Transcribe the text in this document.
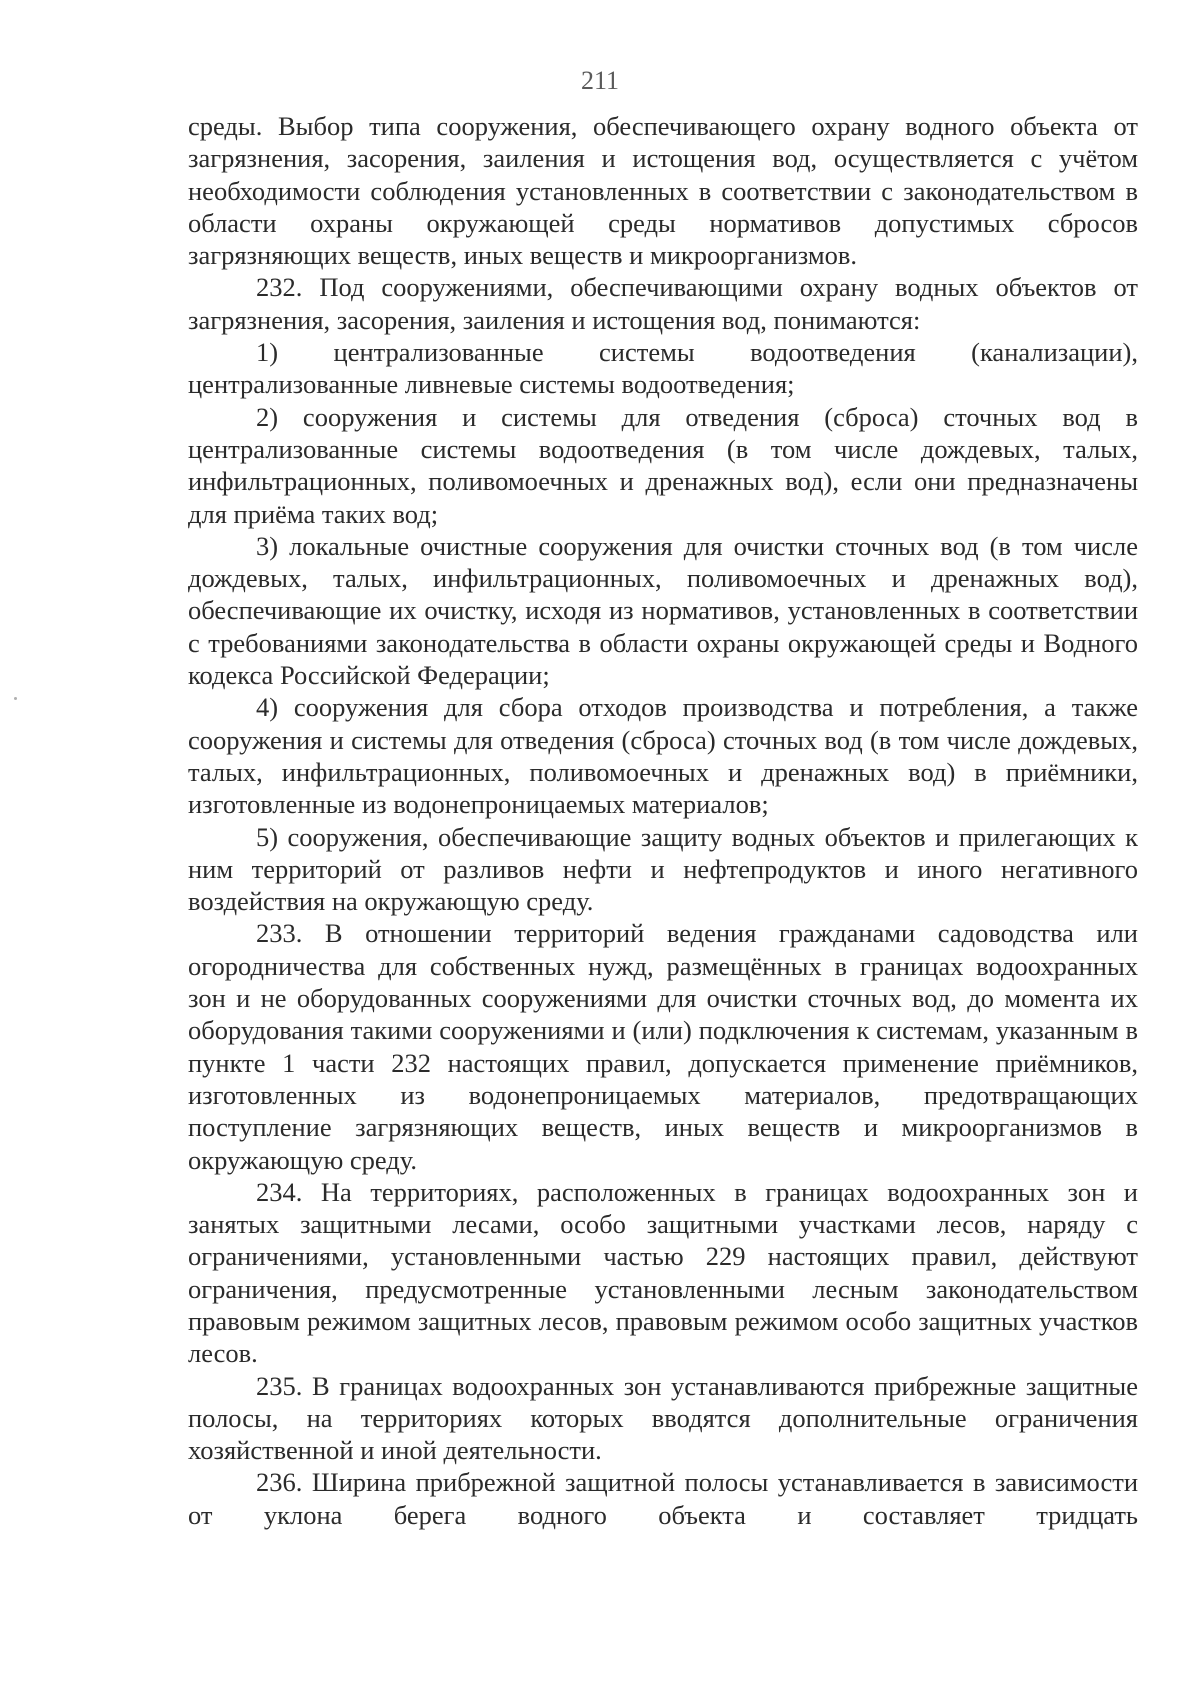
211

среды. Выбор типа сооружения, обеспечивающего охрану водного объекта от загрязнения, засорения, заиления и истощения вод, осуществляется с учётом необходимости соблюдения установленных в соответствии с законодательством в области охраны окружающей среды нормативов допустимых сбросов загрязняющих веществ, иных веществ и микроорганизмов.

232. Под сооружениями, обеспечивающими охрану водных объектов от загрязнения, засорения, заиления и истощения вод, понимаются:

1) централизованные системы водоотведения (канализации), централизованные ливневые системы водоотведения;

2) сооружения и системы для отведения (сброса) сточных вод в централизованные системы водоотведения (в том числе дождевых, талых, инфильтрационных, поливомоечных и дренажных вод), если они предназначены для приёма таких вод;

3) локальные очистные сооружения для очистки сточных вод (в том числе дождевых, талых, инфильтрационных, поливомоечных и дренажных вод), обеспечивающие их очистку, исходя из нормативов, установленных в соответствии с требованиями законодательства в области охраны окружающей среды и Водного кодекса Российской Федерации;

4) сооружения для сбора отходов производства и потребления, а также сооружения и системы для отведения (сброса) сточных вод (в том числе дождевых, талых, инфильтрационных, поливомоечных и дренажных вод) в приёмники, изготовленные из водонепроницаемых материалов;

5) сооружения, обеспечивающие защиту водных объектов и прилегающих к ним территорий от разливов нефти и нефтепродуктов и иного негативного воздействия на окружающую среду.

233. В отношении территорий ведения гражданами садоводства или огородничества для собственных нужд, размещённых в границах водоохранных зон и не оборудованных сооружениями для очистки сточных вод, до момента их оборудования такими сооружениями и (или) подключения к системам, указанным в пункте 1 части 232 настоящих правил, допускается применение приёмников, изготовленных из водонепроницаемых материалов, предотвращающих поступление загрязняющих веществ, иных веществ и микроорганизмов в окружающую среду.

234. На территориях, расположенных в границах водоохранных зон и занятых защитными лесами, особо защитными участками лесов, наряду с ограничениями, установленными частью 229 настоящих правил, действуют ограничения, предусмотренные установленными лесным законодательством правовым режимом защитных лесов, правовым режимом особо защитных участков лесов.

235. В границах водоохранных зон устанавливаются прибрежные защитные полосы, на территориях которых вводятся дополнительные ограничения хозяйственной и иной деятельности.

236. Ширина прибрежной защитной полосы устанавливается в зависимости от уклона берега водного объекта и составляет тридцать
